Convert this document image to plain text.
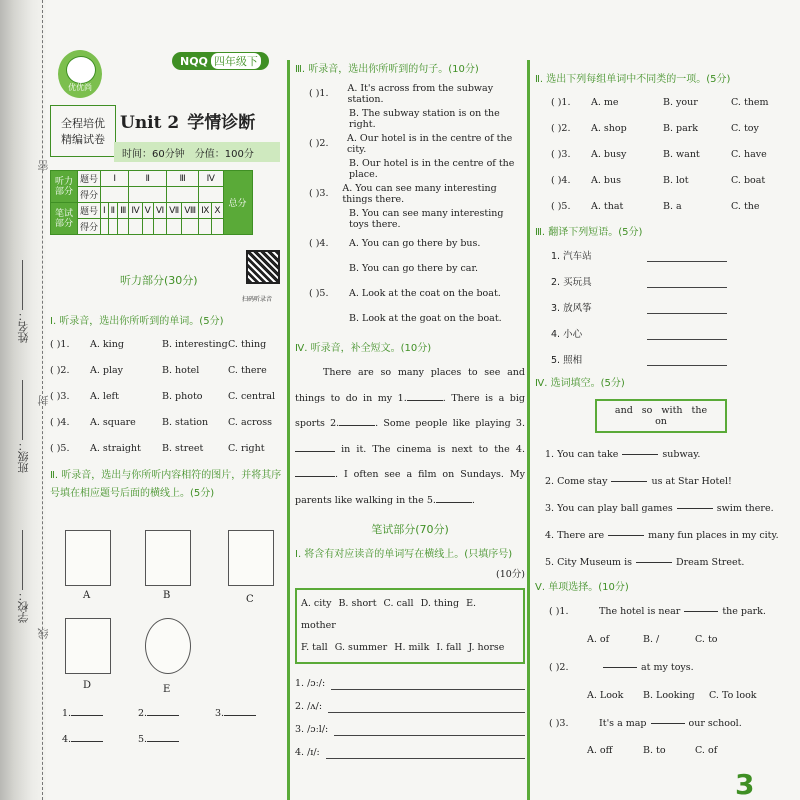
姓名：
班级：
学校：
密
封
线
优优尚
NQQ 四年级下
全程培优
精编试卷
Unit 2 学情诊断
时间：60分钟 分值：100分
听力部分	题号	Ⅰ			Ⅱ			Ⅲ		Ⅳ		总分
	得分											
笔试部分	题号	Ⅰ	Ⅱ	Ⅲ	Ⅳ	Ⅴ	Ⅵ	Ⅶ	Ⅷ	Ⅸ	Ⅹ	
	得分											
听力部分(30分)
扫码听录音

Ⅰ. 听录音，选出你所听到的单词。(5分)

( )1.	A. king	B. interesting C. thing
( )2.	A. play	B. hotel	C. there
( )3.	A. left	B. photo	C. central
( )4.	A. square	B. station	C. across
( )5.	A. straight	B. street	C. right

Ⅱ. 听录音，选出与你所听内容相符的图片，并将其序号填在相应题号后面的横线上。(5分)

A	B	C
D	E
1.	2.	3.
4.	5.

Ⅲ. 听录音，选出你所听到的句子。(10分)

( )1.	A. It's across from the subway station.
B. The subway station is on the right.
( )2.	A. Our hotel is in the centre of the city.
B. Our hotel is in the centre of the place.
( )3.	A. You can see many interesting things there.
B. You can see many interesting toys there.
( )4.	A. You can go there by bus.
B. You can go there by car.
( )5.	A. Look at the coat on the boat.
B. Look at the goat on the boat.

Ⅳ. 听录音，补全短文。(10分)

There are so many places to see and things to do in my 1.	. There is a big sports 2.	. Some people like playing 3. in it. The cinema is next to the 4.. I often see a film on Sundays. My parents like walking in the 5.	.

笔试部分(70分)

Ⅰ. 将含有对应读音的单词写在横线上。(只填序号)

(10分)
A. city B. short C. call D. thing E. mother
F. tall G. summer H. milk I. fall J. horse
1. /ɔː/:
2. /ʌ/:
3. /ɔːl/:
4. /ɪ/:

Ⅱ. 选出下列每组单词中不同类的一项。(5分)

( )1.	A. me	B. your	C. them
( )2.	A. shop	B. park	C. toy
( )3.	A. busy	B. want	C. have
( )4.	A. bus	B. lot	C. boat
( )5.	A. that	B. a	C. the

Ⅲ. 翻译下列短语。(5分)

1. 汽车站
2. 买玩具
3. 放风筝
4. 小心
5. 照相

Ⅳ. 选词填空。(5分)

and so with the on
1. You can take	subway.
2. Come stay	us at Star Hotel!
3. You can play ball games	swim there.
4. There are	many fun places in my city.
5. City Museum is	Dream Street.

Ⅴ. 单项选择。(10分)

( )1.	The hotel is near	the park.
A. of	B. /	C. to
( )2.	at my toys.
A. Look	B. Looking	C. To look
( )3.	It's a map	our school.
A. off	B. to	C. of
3
